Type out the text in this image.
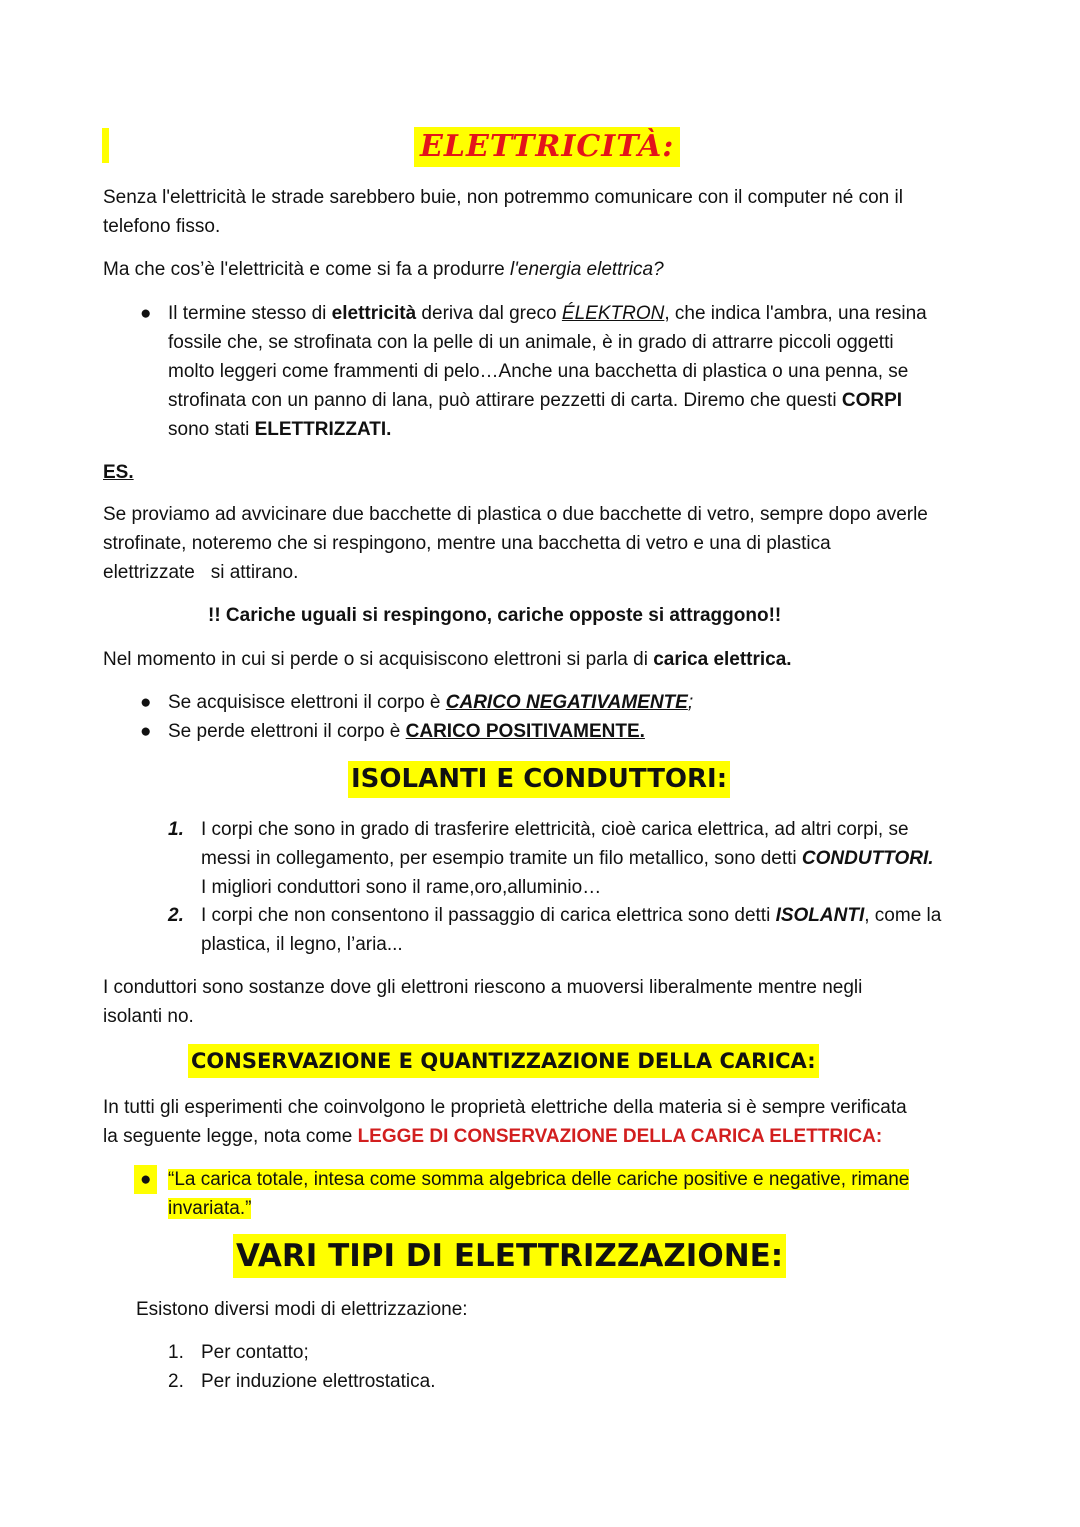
ELETTRICITÀ:
Senza l'elettricità le strade sarebbero buie, non potremmo comunicare con il computer né con il
telefono fisso.
Ma che cos’è l'elettricità e come si fa a produrre l'energia elettrica?
● Il termine stesso di elettricità deriva dal greco ÉLEKTRON, che indica l'ambra, una resina
fossile che, se strofinata con la pelle di un animale, è in grado di attrarre piccoli oggetti
molto leggeri come frammenti di pelo…Anche una bacchetta di plastica o una penna, se
strofinata con un panno di lana, può attirare pezzetti di carta. Diremo che questi CORPI
sono stati ELETTRIZZATI.
ES.
Se proviamo ad avvicinare due bacchette di plastica o due bacchette di vetro, sempre dopo averle
strofinate, noteremo che si respingono, mentre una bacchetta di vetro e una di plastica
elettrizzate   si attirano.
!! Cariche uguali si respingono, cariche opposte si attraggono!!
Nel momento in cui si perde o si acquisiscono elettroni si parla di carica elettrica.
● Se acquisisce elettroni il corpo è CARICO NEGATIVAMENTE;
● Se perde elettroni il corpo è CARICO POSITIVAMENTE.
ISOLANTI E CONDUTTORI:
1. I corpi che sono in grado di trasferire elettricità, cioè carica elettrica, ad altri corpi, se
messi in collegamento, per esempio tramite un filo metallico, sono detti CONDUTTORI.
I migliori conduttori sono il rame,oro,alluminio…
2. I corpi che non consentono il passaggio di carica elettrica sono detti ISOLANTI, come la
plastica, il legno, l’aria...
I conduttori sono sostanze dove gli elettroni riescono a muoversi liberalmente mentre negli
isolanti no.
CONSERVAZIONE E QUANTIZZAZIONE DELLA CARICA:
In tutti gli esperimenti che coinvolgono le proprietà elettriche della materia si è sempre verificata
la seguente legge, nota come LEGGE DI CONSERVAZIONE DELLA CARICA ELETTRICA:
● “La carica totale, intesa come somma algebrica delle cariche positive e negative, rimane
invariata.”
VARI TIPI DI ELETTRIZZAZIONE:
Esistono diversi modi di elettrizzazione:
1. Per contatto;
2. Per induzione elettrostatica.
